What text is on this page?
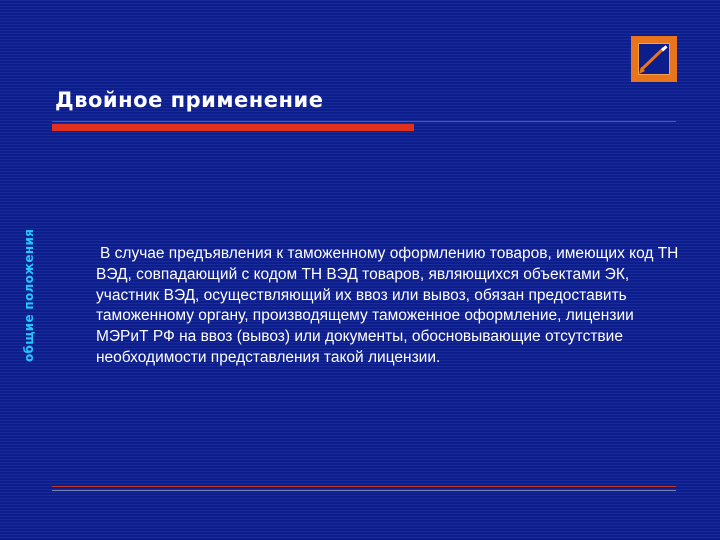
Двойное применение
общие положения	В случае предъявления к таможенному оформлению товаров, имеющих код ТН ВЭД, совпадающий с кодом ТН ВЭД товаров, являющихся объектами ЭК, участник ВЭД, осуществляющий их ввоз или вывоз, обязан предоставить таможенному органу, производящему таможенное оформление, лицензии МЭРиТ РФ на ввоз (вывоз) или документы, обосновывающие отсутствие необходимости представления такой лицензии.
